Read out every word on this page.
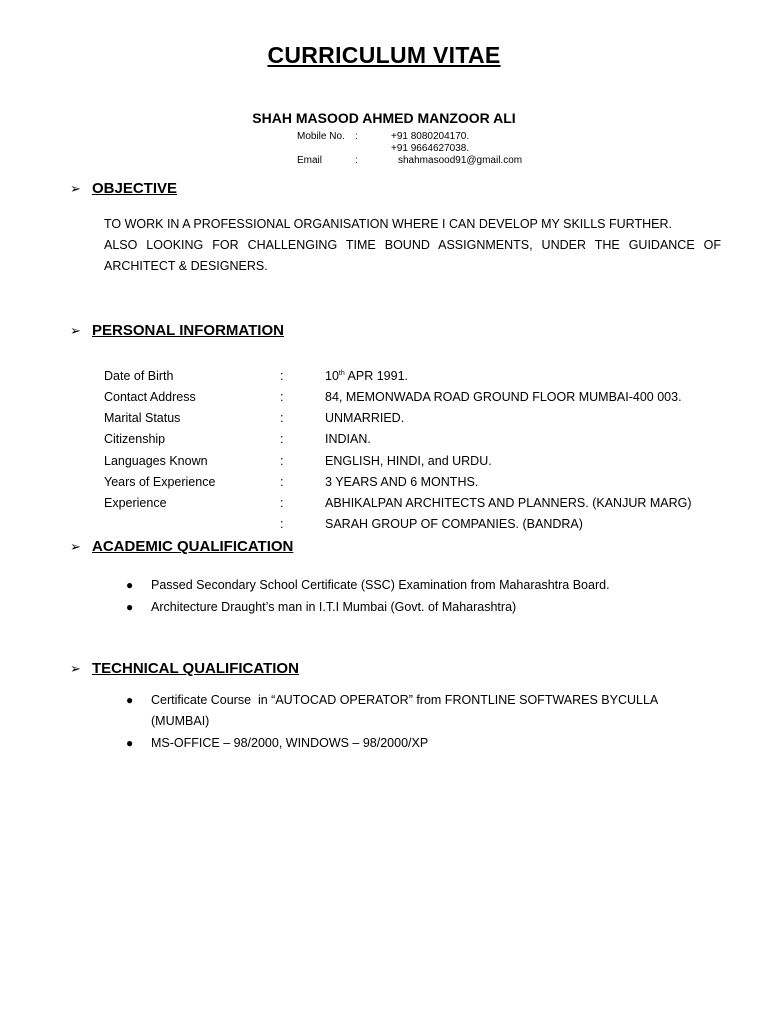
CURRICULUM VITAE
SHAH MASOOD AHMED MANZOOR ALI
Mobile No. :	+91 8080204170.
+91 9664627038.
Email	:	shahmasood91@gmail.com
➢ OBJECTIVE
TO WORK IN A PROFESSIONAL ORGANISATION WHERE I CAN DEVELOP MY SKILLS FURTHER.
ALSO LOOKING FOR CHALLENGING TIME BOUND ASSIGNMENTS, UNDER THE GUIDANCE OF
ARCHITECT & DESIGNERS.
➢ PERSONAL INFORMATION
Date of Birth	:	10th APR 1991.
Contact Address	:	84, MEMONWADA ROAD GROUND FLOOR MUMBAI-400 003.
Marital Status	:	UNMARRIED.
Citizenship	:	INDIAN.
Languages Known	:	ENGLISH, HINDI, and URDU.
Years of Experience	:	3 YEARS AND 6 MONTHS.
Experience	:	ABHIKALPAN ARCHITECTS AND PLANNERS. (KANJUR MARG)
:	SARAH GROUP OF COMPANIES. (BANDRA)
➢ ACADEMIC QUALIFICATION
● Passed Secondary School Certificate (SSC) Examination from Maharashtra Board.
● Architecture Draught’s man in I.T.I Mumbai (Govt. of Maharashtra)
➢ TECHNICAL QUALIFICATION
● Certificate Course  in “AUTOCAD OPERATOR” from FRONTLINE SOFTWARES BYCULLA
(MUMBAI)
● MS-OFFICE – 98/2000, WINDOWS – 98/2000/XP
